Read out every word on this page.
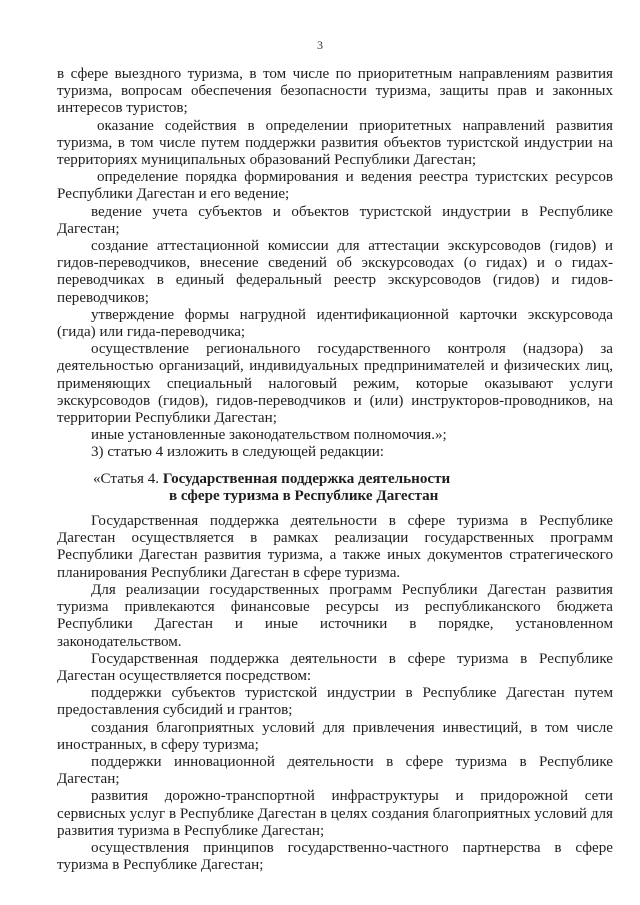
3

в сфере выездного туризма, в том числе по приоритетным направлениям развития туризма, вопросам обеспечения безопасности туризма, защиты прав и законных интересов туристов;

оказание содействия в определении приоритетных направлений развития туризма, в том числе путем поддержки развития объектов туристской индустрии на территориях муниципальных образований Республики Дагестан;

определение порядка формирования и ведения реестра туристских ресурсов Республики Дагестан и его ведение;

ведение учета субъектов и объектов туристской индустрии в Республике Дагестан;

создание аттестационной комиссии для аттестации экскурсоводов (гидов) и гидов-переводчиков, внесение сведений об экскурсоводах (о гидах) и о гидах-переводчиках в единый федеральный реестр экскурсоводов (гидов) и гидов-переводчиков;

утверждение формы нагрудной идентификационной карточки экскурсовода (гида) или гида-переводчика;

осуществление регионального государственного контроля (надзора) за деятельностью организаций, индивидуальных предпринимателей и физических лиц, применяющих специальный налоговый режим, которые оказывают услуги экскурсоводов (гидов), гидов-переводчиков и (или) инструкторов-проводников, на территории Республики Дагестан;

иные установленные законодательством полномочия.»;

3) статью 4 изложить в следующей редакции:

«Статья 4. Государственная поддержка деятельности
в сфере туризма в Республике Дагестан

Государственная поддержка деятельности в сфере туризма в Республике Дагестан осуществляется в рамках реализации государственных программ Республики Дагестан развития туризма, а также иных документов стратегического планирования Республики Дагестан в сфере туризма.

Для реализации государственных программ Республики Дагестан развития туризма привлекаются финансовые ресурсы из республиканского бюджета Республики Дагестан и иные источники в порядке, установленном законодательством.

Государственная поддержка деятельности в сфере туризма в Республике Дагестан осуществляется посредством:

поддержки субъектов туристской индустрии в Республике Дагестан путем предоставления субсидий и грантов;

создания благоприятных условий для привлечения инвестиций, в том числе иностранных, в сферу туризма;

поддержки инновационной деятельности в сфере туризма в Республике Дагестан;

развития дорожно-транспортной инфраструктуры и придорожной сети сервисных услуг в Республике Дагестан в целях создания благоприятных условий для развития туризма в Республике Дагестан;

осуществления принципов государственно-частного партнерства в сфере туризма в Республике Дагестан;
